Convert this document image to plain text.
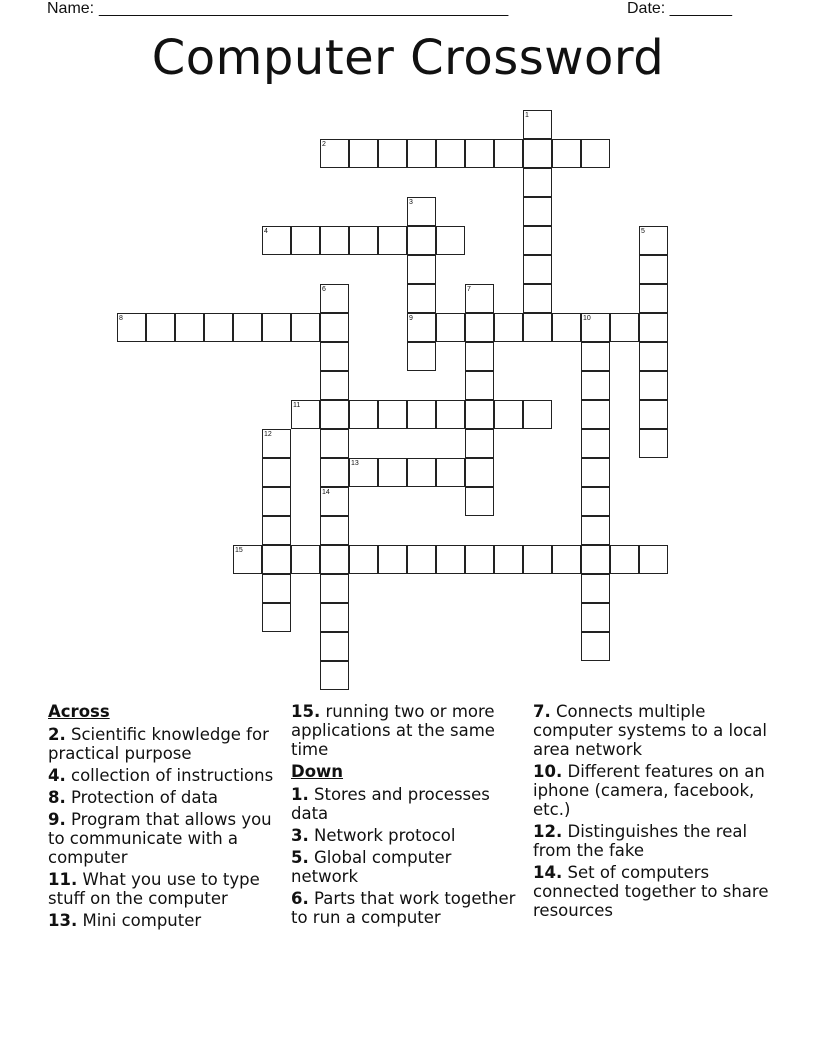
Name: ______________________________________________	Date: _______
Computer Crossword
1
2
3
9
4	5
6	7
8	10
11
12
13
14
15
Across
2. Scientific knowledge for practical purpose
4. collection of instructions
8. Protection of data
9. Program that allows you to communicate with a computer
11. What you use to type stuff on the computer
13. Mini computer
15. running two or more applications at the same time
Down
1. Stores and processes data
3. Network protocol
5. Global computer network
6. Parts that work together to run a computer
7. Connects multiple computer systems to a local area network
10. Different features on an iphone (camera, facebook, etc.)
12. Distinguishes the real from the fake
14. Set of computers connected together to share resources
